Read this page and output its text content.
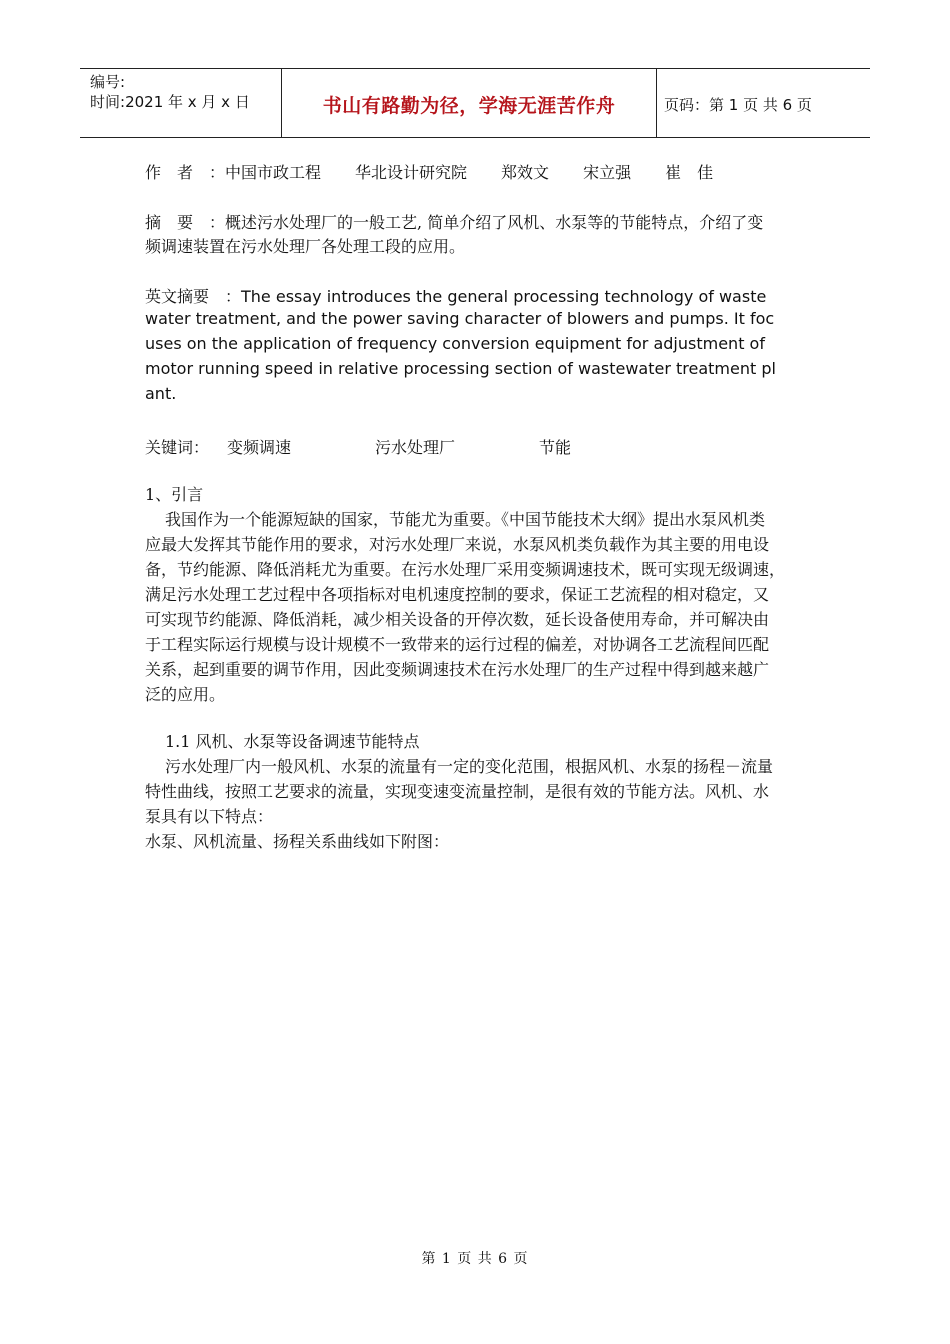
编号:
时间:2021 年 x 月 x 日	书山有路勤为径，学海无涯苦作舟	页码：第 1 页 共 6 页
作　者　：中国市政工程 华北设计研究院 郑效文 宋立强 崔　佳
摘　要　：概述污水处理厂的一般工艺, 简单介绍了风机、水泵等的节能特点，介绍了变
频调速装置在污水处理厂各处理工段的应用。
英文摘要　：The essay introduces the general processing technology of waste
water treatment, and the power saving character of blowers and pumps. It foc
uses on the application of frequency conversion equipment for adjustment of
motor running speed in relative processing section of wastewater treatment pl
ant.
关键词： 变频调速	污水处理厂	节能
1、引言
我国作为一个能源短缺的国家，节能尤为重要。《中国节能技术大纲》提出水泵风机类
应最大发挥其节能作用的要求，对污水处理厂来说，水泵风机类负载作为其主要的用电设
备，节约能源、降低消耗尤为重要。在污水处理厂采用变频调速技术，既可实现无级调速，
满足污水处理工艺过程中各项指标对电机速度控制的要求，保证工艺流程的相对稳定，又
可实现节约能源、降低消耗，减少相关设备的开停次数，延长设备使用寿命，并可解决由
于工程实际运行规模与设计规模不一致带来的运行过程的偏差，对协调各工艺流程间匹配
关系，起到重要的调节作用，因此变频调速技术在污水处理厂的生产过程中得到越来越广
泛的应用。
1.1 风机、水泵等设备调速节能特点
污水处理厂内一般风机、水泵的流量有一定的变化范围，根据风机、水泵的扬程－流量
特性曲线，按照工艺要求的流量，实现变速变流量控制，是很有效的节能方法。风机、水
泵具有以下特点：
水泵、风机流量、扬程关系曲线如下附图：
第 1 页 共 6 页
